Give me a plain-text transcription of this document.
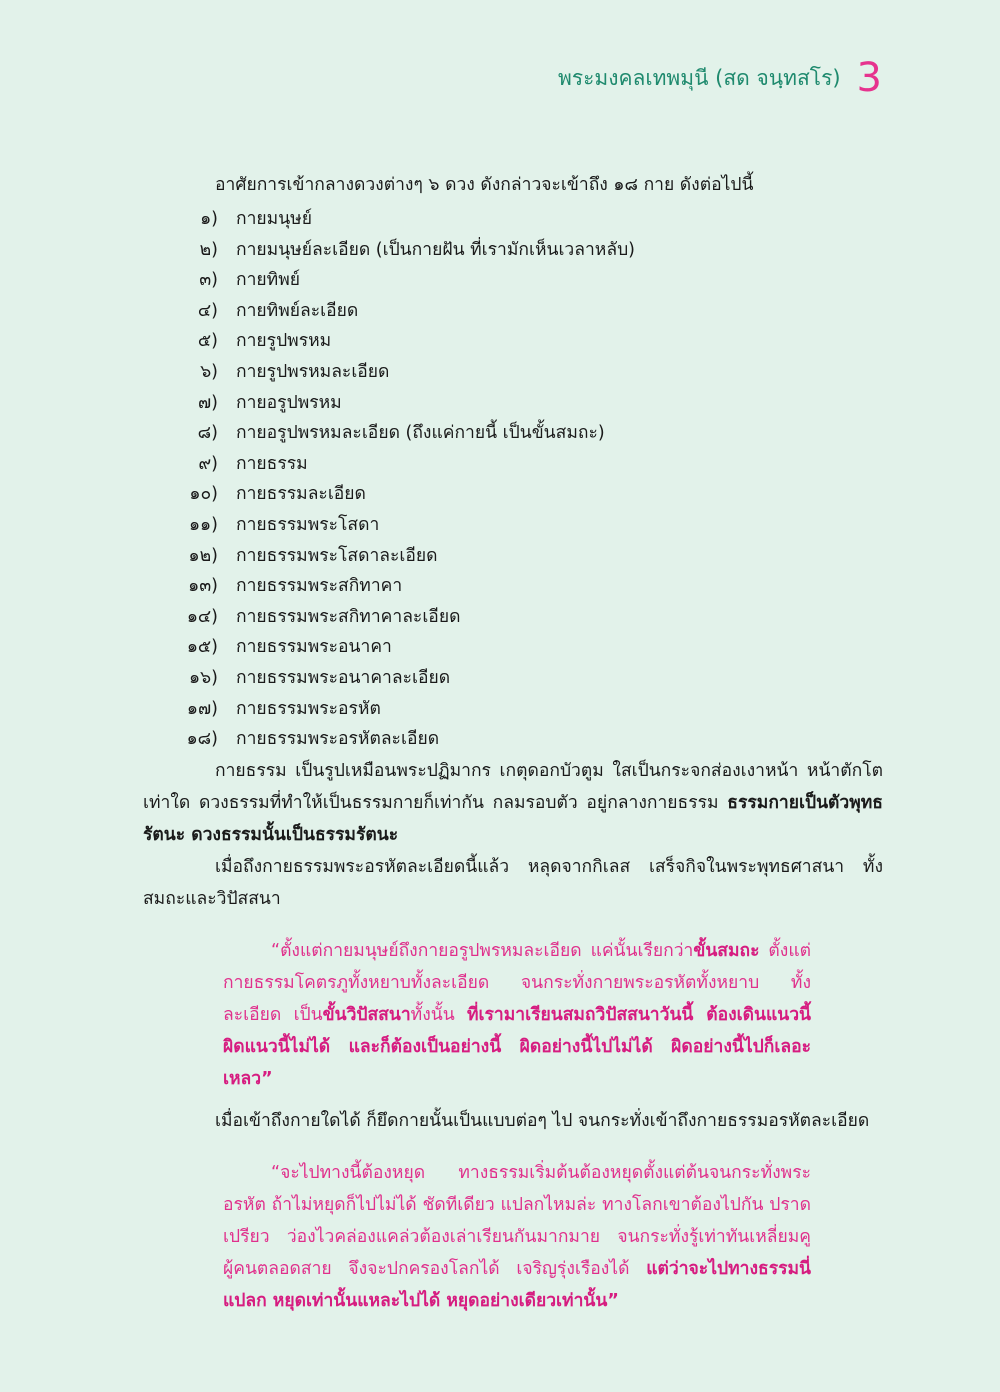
พระมงคลเทพมุนี (สด จนฺทสโร) 3

อาศัยการเข้ากลางดวงต่างๆ ๖ ดวง ดังกล่าวจะเข้าถึง ๑๘ กาย ดังต่อไปนี้

๑)	กายมนุษย์
๒)	กายมนุษย์ละเอียด (เป็นกายฝัน ที่เรามักเห็นเวลาหลับ)
๓)	กายทิพย์
๔)	กายทิพย์ละเอียด
๕)	กายรูปพรหม
๖)	กายรูปพรหมละเอียด
๗)	กายอรูปพรหม
๘)	กายอรูปพรหมละเอียด (ถึงแค่กายนี้ เป็นขั้นสมถะ)
๙)	กายธรรม
๑๐)	กายธรรมละเอียด
๑๑)	กายธรรมพระโสดา
๑๒)	กายธรรมพระโสดาละเอียด
๑๓)	กายธรรมพระสกิทาคา
๑๔)	กายธรรมพระสกิทาคาละเอียด
๑๕)	กายธรรมพระอนาคา
๑๖)	กายธรรมพระอนาคาละเอียด
๑๗)	กายธรรมพระอรหัต
๑๘)	กายธรรมพระอรหัตละเอียด

กายธรรม เป็นรูปเหมือนพระปฏิมากร เกตุดอกบัวตูม ใสเป็นกระจกส่องเงาหน้า หน้าตักโตเท่าใด ดวงธรรมที่ทำให้เป็นธรรมกายก็เท่ากัน กลมรอบตัว อยู่กลางกายธรรม ธรรมกายเป็นตัวพุทธรัตนะ ดวงธรรมนั้นเป็นธรรมรัตนะ

เมื่อถึงกายธรรมพระอรหัตละเอียดนี้แล้ว หลุดจากกิเลส เสร็จกิจในพระพุทธศาสนา ทั้งสมถะและวิปัสสนา

“ตั้งแต่กายมนุษย์ถึงกายอรูปพรหมละเอียด แค่นั้นเรียกว่าขั้นสมถะ ตั้งแต่กายธรรมโคตรภูทั้งหยาบทั้งละเอียด จนกระทั่งกายพระอรหัตทั้งหยาบ ทั้งละเอียด เป็นขั้นวิปัสสนาทั้งนั้น ที่เรามาเรียนสมถวิปัสสนาวันนี้ ต้องเดินแนวนี้ ผิดแนวนี้ไม่ได้ และก็ต้องเป็นอย่างนี้ ผิดอย่างนี้ไปไม่ได้ ผิดอย่างนี้ไปก็เลอะเหลว”

เมื่อเข้าถึงกายใดได้ ก็ยึดกายนั้นเป็นแบบต่อๆ ไป จนกระทั่งเข้าถึงกายธรรมอรหัตละเอียด

“จะไปทางนี้ต้องหยุด ทางธรรมเริ่มต้นต้องหยุดตั้งแต่ต้นจนกระทั่งพระอรหัต ถ้าไม่หยุดก็ไปไม่ได้ ชัดทีเดียว แปลกไหมล่ะ ทางโลกเขาต้องไปกัน ปราดเปรียว ว่องไวคล่องแคล่วต้องเล่าเรียนกันมากมาย จนกระทั่งรู้เท่าทันเหลี่ยมคูผู้คนตลอดสาย จึงจะปกครองโลกได้ เจริญรุ่งเรืองได้ แต่ว่าจะไปทางธรรมนี่แปลก หยุดเท่านั้นแหละไปได้ หยุดอย่างเดียวเท่านั้น”
